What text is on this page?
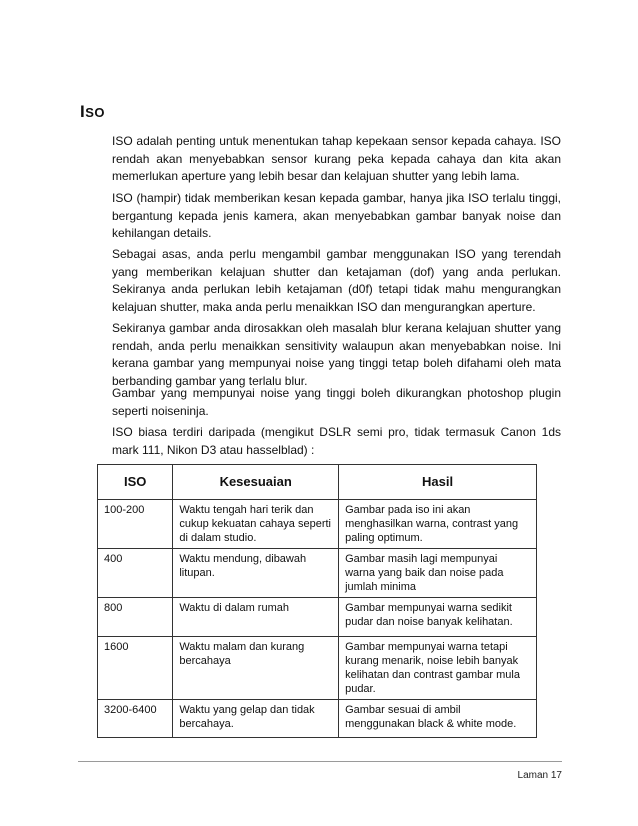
ISO

ISO adalah penting untuk menentukan tahap kepekaan sensor kepada cahaya. ISO rendah akan menyebabkan sensor kurang peka kepada cahaya dan kita akan memerlukan aperture yang lebih besar dan kelajuan shutter yang lebih lama.

ISO (hampir) tidak memberikan kesan kepada gambar, hanya jika ISO terlalu tinggi, bergantung kepada jenis kamera, akan menyebabkan gambar banyak noise dan kehilangan details.

Sebagai asas, anda perlu mengambil gambar menggunakan ISO yang terendah yang memberikan kelajuan shutter dan ketajaman (dof) yang anda perlukan. Sekiranya anda perlukan lebih ketajaman (d0f) tetapi tidak mahu mengurangkan kelajuan shutter, maka anda perlu menaikkan ISO dan mengurangkan aperture.

Sekiranya gambar anda dirosakkan oleh masalah blur kerana kelajuan shutter yang rendah, anda perlu menaikkan sensitivity walaupun akan menyebabkan noise. Ini kerana gambar yang mempunyai noise yang tinggi tetap boleh difahami oleh mata berbanding gambar yang terlalu blur.

Gambar yang mempunyai noise yang tinggi boleh dikurangkan photoshop plugin seperti noiseninja.

ISO biasa terdiri daripada (mengikut DSLR semi pro, tidak termasuk Canon 1ds mark 111, Nikon D3 atau hasselblad) :

ISO	Kesesuaian	Hasil
100-200	Waktu tengah hari terik dan cukup kekuatan cahaya seperti di dalam studio.	Gambar pada iso ini akan menghasilkan warna, contrast yang paling optimum.
400	Waktu mendung, dibawah litupan.	Gambar masih lagi mempunyai warna yang baik dan noise pada jumlah minima
800	Waktu di dalam rumah	Gambar mempunyai warna sedikit pudar dan noise banyak kelihatan.
1600	Waktu malam dan kurang bercahaya	Gambar mempunyai warna tetapi kurang menarik, noise lebih banyak kelihatan dan contrast gambar mula pudar.
3200-6400	Waktu yang gelap dan tidak bercahaya.	Gambar sesuai di ambil menggunakan black & white mode.
Laman 17
